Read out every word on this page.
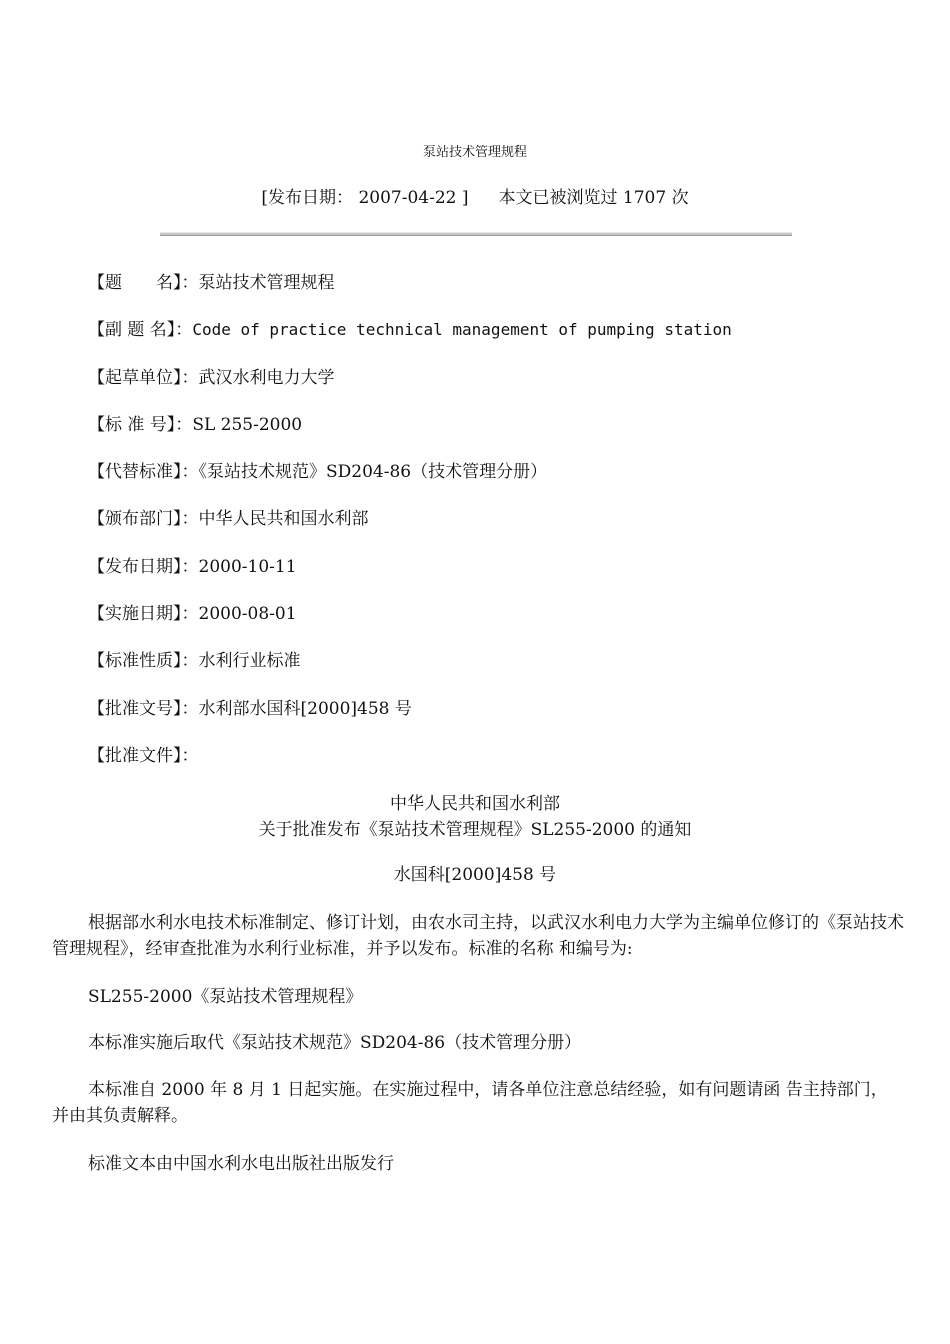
泵站技术管理规程
[发布日期： 2007-04-22 ] 本文已被浏览过 1707 次
【题　　名】：泵站技术管理规程
【副 题 名】：Code of practice technical management of pumping station
【起草单位】：武汉水利电力大学
【标 准 号】：SL 255-2000
【代替标准】：《泵站技术规范》SD204-86（技术管理分册）
【颁布部门】：中华人民共和国水利部
【发布日期】：2000-10-11
【实施日期】：2000-08-01
【标准性质】：水利行业标准
【批准文号】：水利部水国科[2000]458 号
【批准文件】：
中华人民共和国水利部
关于批准发布《泵站技术管理规程》SL255-2000 的通知
水国科[2000]458 号
根据部水利水电技术标准制定、修订计划，由农水司主持，以武汉水利电力大学为主编单位修订的《泵站技术管理规程》，经审查批准为水利行业标准，并予以发布。标准的名称 和编号为:
SL255-2000《泵站技术管理规程》
本标准实施后取代《泵站技术规范》SD204-86（技术管理分册）
本标准自 2000 年 8 月 1 日起实施。在实施过程中，请各单位注意总结经验，如有问题请函 告主持部门，并由其负责解释。
标准文本由中国水利水电出版社出版发行
